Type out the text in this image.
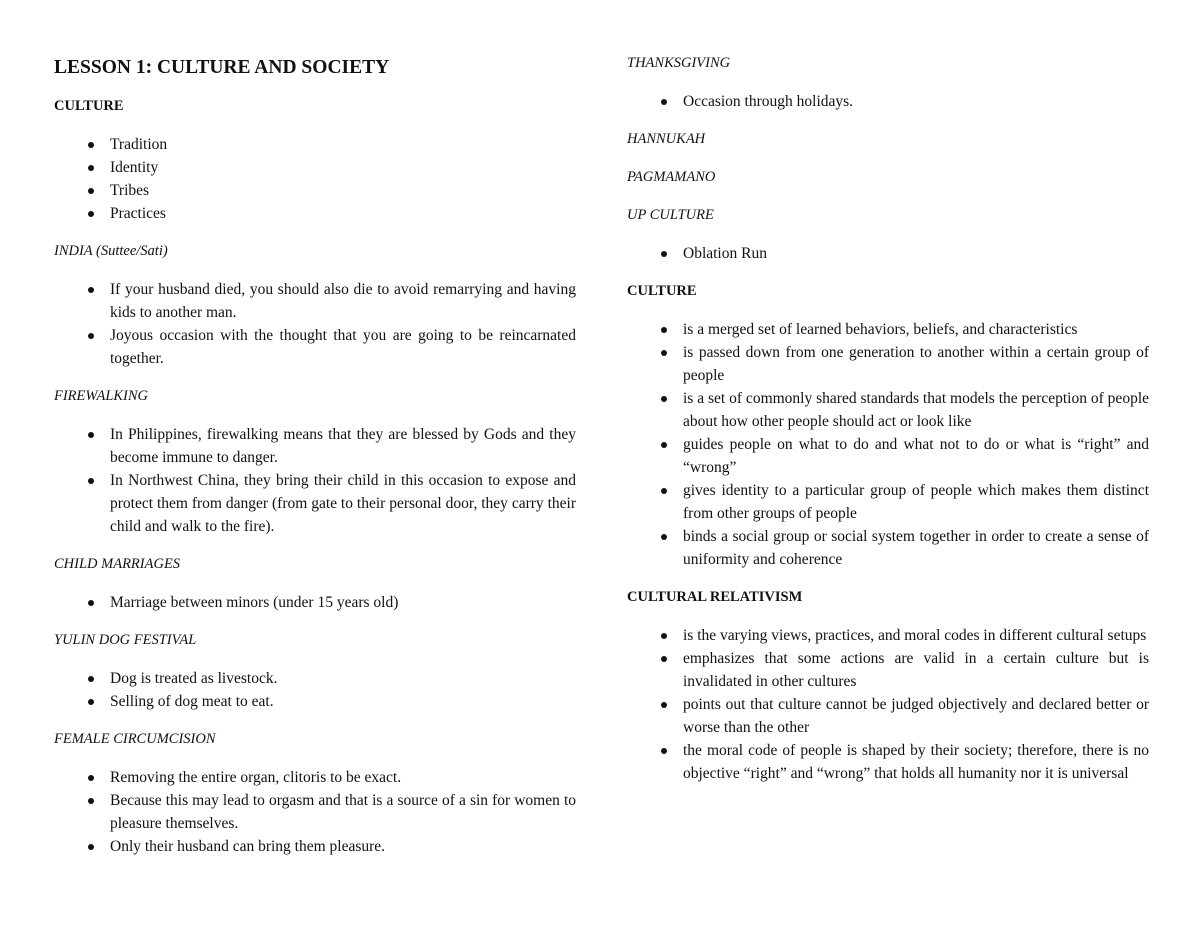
LESSON 1: CULTURE AND SOCIETY
CULTURE
Tradition
Identity
Tribes
Practices
INDIA (Suttee/Sati)
If your husband died, you should also die to avoid remarrying and having kids to another man.
Joyous occasion with the thought that you are going to be reincarnated together.
FIREWALKING
In Philippines, firewalking means that they are blessed by Gods and they become immune to danger.
In Northwest China, they bring their child in this occasion to expose and protect them from danger (from gate to their personal door, they carry their child and walk to the fire).
CHILD MARRIAGES
Marriage between minors (under 15 years old)
YULIN DOG FESTIVAL
Dog is treated as livestock.
Selling of dog meat to eat.
FEMALE CIRCUMCISION
Removing the entire organ, clitoris to be exact.
Because this may lead to orgasm and that is a source of a sin for women to pleasure themselves.
Only their husband can bring them pleasure.
THANKSGIVING
Occasion through holidays.
HANNUKAH
PAGMAMANO
UP CULTURE
Oblation Run
CULTURE
is a merged set of learned behaviors, beliefs, and characteristics
is passed down from one generation to another within a certain group of people
is a set of commonly shared standards that models the perception of people about how other people should act or look like
guides people on what to do and what not to do or what is “right” and “wrong”
gives identity to a particular group of people which makes them distinct from other groups of people
binds a social group or social system together in order to create a sense of uniformity and coherence
CULTURAL RELATIVISM
is the varying views, practices, and moral codes in different cultural setups
emphasizes that some actions are valid in a certain culture but is invalidated in other cultures
points out that culture cannot be judged objectively and declared better or worse than the other
the moral code of people is shaped by their society; therefore, there is no objective “right” and “wrong” that holds all humanity nor it is universal
